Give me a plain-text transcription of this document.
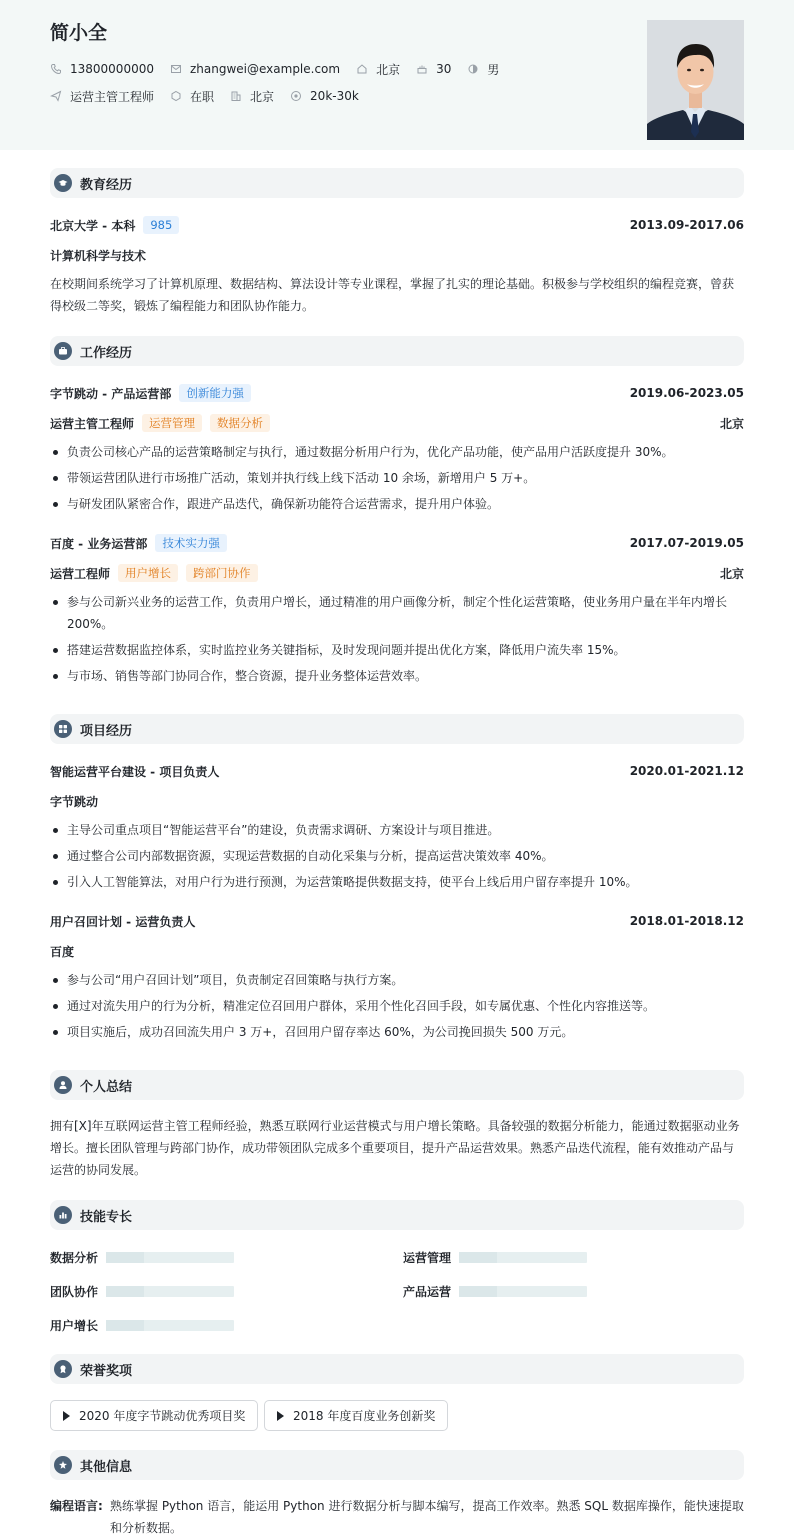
简小全
13800000000	zhangwei@example.com	北京	30	男
运营主管工程师	在职	北京	20k-30k
教育经历
北京大学 - 本科	985	2013.09-2017.06
计算机科学与技术
在校期间系统学习了计算机原理、数据结构、算法设计等专业课程，掌握了扎实的理论基础。积极参与学校组织的编程竞赛，曾获得校级二等奖，锻炼了编程能力和团队协作能力。
工作经历
字节跳动 - 产品运营部	创新能力强	2019.06-2023.05
运营主管工程师	运营管理	数据分析	北京
负责公司核心产品的运营策略制定与执行，通过数据分析用户行为，优化产品功能，使产品用户活跃度提升 30%。
带领运营团队进行市场推广活动，策划并执行线上线下活动 10 余场，新增用户 5 万+。
与研发团队紧密合作，跟进产品迭代，确保新功能符合运营需求，提升用户体验。
百度 - 业务运营部	技术实力强	2017.07-2019.05
运营工程师	用户增长	跨部门协作	北京
参与公司新兴业务的运营工作，负责用户增长，通过精准的用户画像分析，制定个性化运营策略，使业务用户量在半年内增长 200%。
搭建运营数据监控体系，实时监控业务关键指标，及时发现问题并提出优化方案，降低用户流失率 15%。
与市场、销售等部门协同合作，整合资源，提升业务整体运营效率。
项目经历
智能运营平台建设 - 项目负责人	2020.01-2021.12
字节跳动
主导公司重点项目“智能运营平台”的建设，负责需求调研、方案设计与项目推进。
通过整合公司内部数据资源，实现运营数据的自动化采集与分析，提高运营决策效率 40%。
引入人工智能算法，对用户行为进行预测，为运营策略提供数据支持，使平台上线后用户留存率提升 10%。
用户召回计划 - 运营负责人	2018.01-2018.12
百度
参与公司“用户召回计划”项目，负责制定召回策略与执行方案。
通过对流失用户的行为分析，精准定位召回用户群体，采用个性化召回手段，如专属优惠、个性化内容推送等。
项目实施后，成功召回流失用户 3 万+，召回用户留存率达 60%，为公司挽回损失 500 万元。
个人总结
拥有[X]年互联网运营主管工程师经验，熟悉互联网行业运营模式与用户增长策略。具备较强的数据分析能力，能通过数据驱动业务增长。擅长团队管理与跨部门协作，成功带领团队完成多个重要项目，提升产品运营效果。熟悉产品迭代流程，能有效推动产品与运营的协同发展。
技能专长
数据分析	运营管理
团队协作	产品运营
用户增长
荣誉奖项
2020 年度字节跳动优秀项目奖	2018 年度百度业务创新奖
其他信息
编程语言: 熟练掌握 Python 语言，能运用 Python 进行数据分析与脚本编写，提高工作效率。熟悉 SQL 数据库操作，能快速提取和分析数据。
